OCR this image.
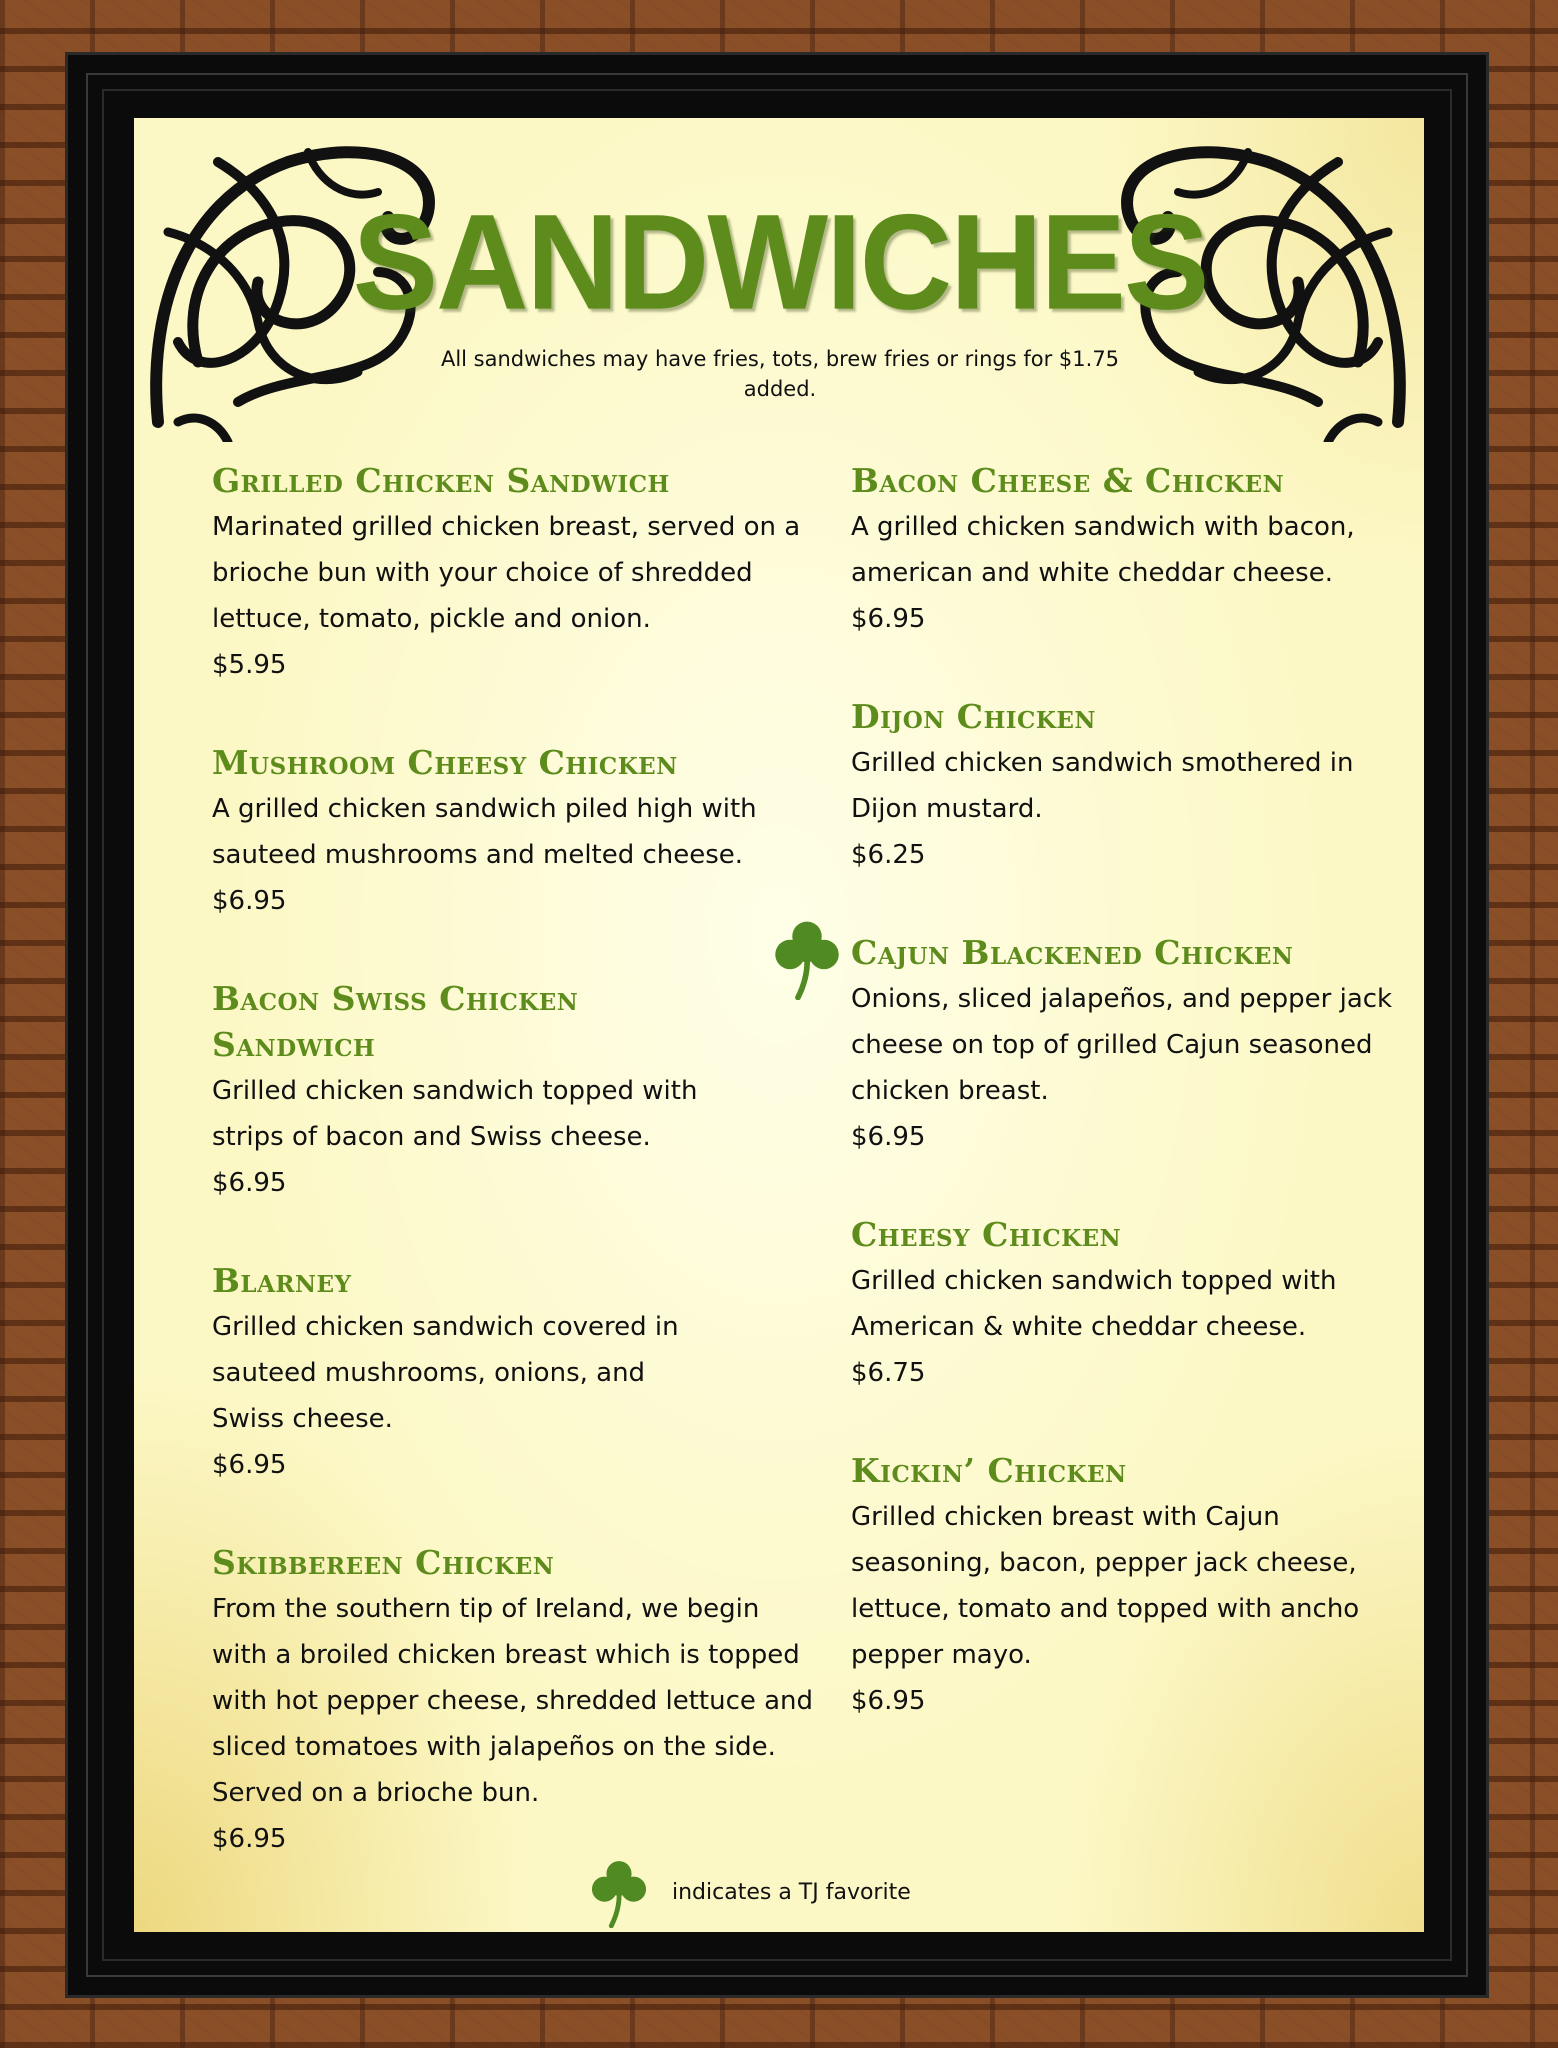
SANDWICHES
All sandwiches may have fries, tots, brew fries or rings for $1.75 added.
Grilled Chicken Sandwich

Marinated grilled chicken breast, served on a brioche bun with your choice of shredded lettuce, tomato, pickle and onion.

$5.95

Mushroom Cheesy Chicken

A grilled chicken sandwich piled high with sauteed mushrooms and melted cheese.

$6.95

Bacon Swiss Chicken Sandwich

Grilled chicken sandwich topped with strips of bacon and Swiss cheese.

$6.95

Blarney

Grilled chicken sandwich covered in sauteed mushrooms, onions, and Swiss cheese.

$6.95

Skibbereen Chicken

From the southern tip of Ireland, we begin with a broiled chicken breast which is topped with hot pepper cheese, shredded lettuce and sliced tomatoes with jalapeños on the side. Served on a brioche bun.

$6.95

Bacon Cheese & Chicken

A grilled chicken sandwich with bacon, american and white cheddar cheese.

$6.95

Dijon Chicken

Grilled chicken sandwich smothered in Dijon mustard.

$6.25

Cajun Blackened Chicken

Onions, sliced jalapeños, and pepper jack cheese on top of grilled Cajun seasoned chicken breast.

$6.95

Cheesy Chicken

Grilled chicken sandwich topped with American & white cheddar cheese.

$6.75

Kickin’ Chicken

Grilled chicken breast with Cajun seasoning, bacon, pepper jack cheese, lettuce, tomato and topped with ancho pepper mayo.

$6.95

indicates a TJ favorite
